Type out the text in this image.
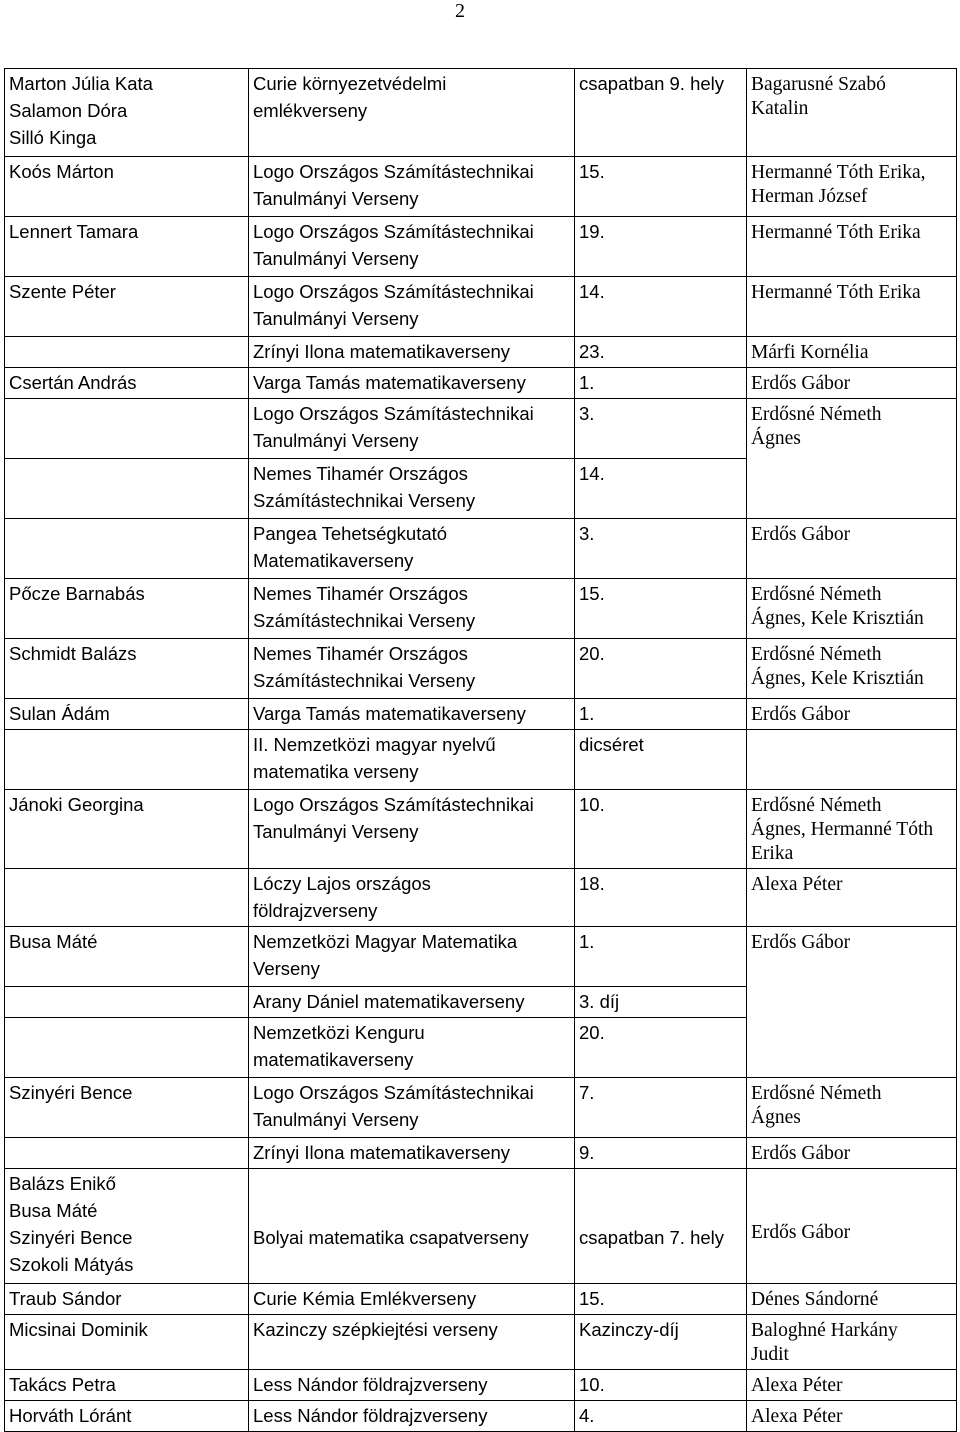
2
Marton Júlia Kata
Salamon Dóra
Silló Kinga	Curie környezetvédelmi
emlékverseny	csapatban 9. hely	Bagarusné Szabó
Katalin

Koós Márton	Logo Országos Számítástechnikai
Tanulmányi Verseny	15.	Hermanné Tóth Erika,
Herman József

Lennert Tamara	Logo Országos Számítástechnikai
Tanulmányi Verseny	19.	Hermanné Tóth Erika

Szente Péter	Logo Országos Számítástechnikai
Tanulmányi Verseny	14.	Hermanné Tóth Erika

	Zrínyi Ilona matematikaverseny	23.	Márfi Kornélia

Csertán András	Varga Tamás matematikaverseny	1.	Erdős Gábor

	Logo Országos Számítástechnikai
Tanulmányi Verseny	3.	Erdősné Németh
Ágnes

	Nemes Tihamér Országos
Számítástechnikai Verseny	14.	

	Pangea Tehetségkutató
Matematikaverseny	3.	Erdős Gábor

Pőcze Barnabás	Nemes Tihamér Országos
Számítástechnikai Verseny	15.	Erdősné Németh
Ágnes, Kele Krisztián

Schmidt Balázs	Nemes Tihamér Országos
Számítástechnikai Verseny	20.	Erdősné Németh
Ágnes, Kele Krisztián

Sulan Ádám	Varga Tamás matematikaverseny	1.	Erdős Gábor

	II. Nemzetközi magyar nyelvű
matematika verseny	dicséret	

Jánoki Georgina	Logo Országos Számítástechnikai
Tanulmányi Verseny	10.	Erdősné Németh
Ágnes, Hermanné Tóth
Erika

	Lóczy Lajos országos
földrajzverseny	18.	Alexa Péter

Busa Máté	Nemzetközi Magyar Matematika
Verseny	1.	Erdős Gábor

	Arany Dániel matematikaverseny	3. díj	

	Nemzetközi Kenguru
matematikaverseny	20.	

Szinyéri Bence	Logo Országos Számítástechnikai
Tanulmányi Verseny	7.	Erdősné Németh
Ágnes

	Zrínyi Ilona matematikaverseny	9.	Erdős Gábor

Balázs Enikő
Busa Máté
Szinyéri Bence
Szokoli Mátyás	Bolyai matematika csapatverseny	csapatban 7. hely	Erdős Gábor

Traub Sándor	Curie Kémia Emlékverseny	15.	Dénes Sándorné

Micsinai Dominik	Kazinczy szépkiejtési verseny	Kazinczy-díj	Baloghné Harkány
Judit

Takács Petra	Less Nándor földrajzverseny	10.	Alexa Péter

Horváth Lóránt	Less Nándor földrajzverseny	4.	Alexa Péter
